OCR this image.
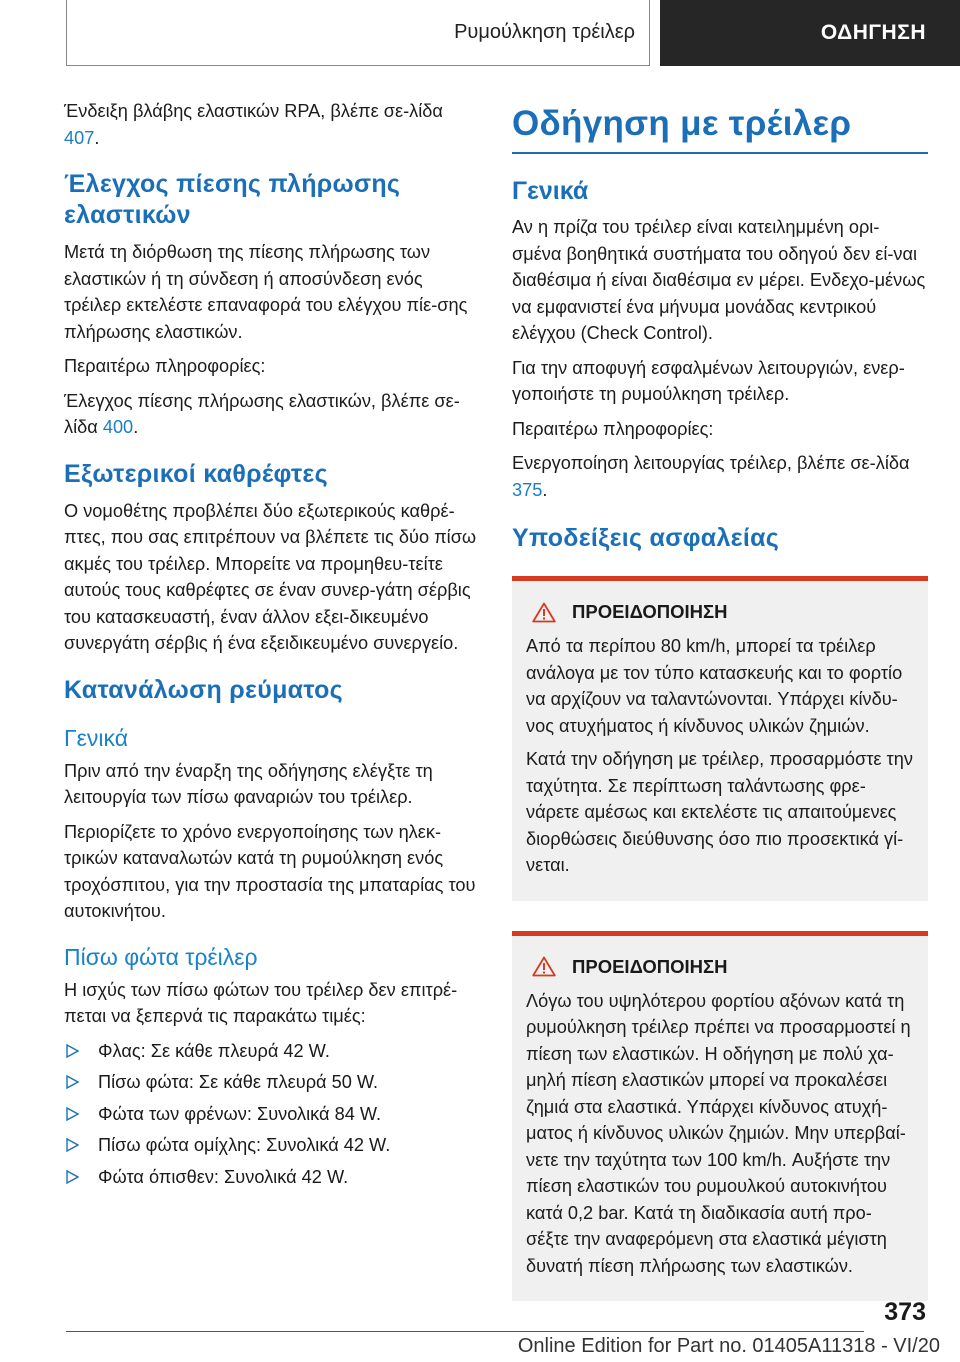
Ρυμούλκηση τρέιλερ	ΟΔΗΓΗΣΗ

Ένδειξη βλάβης ελαστικών RPA, βλέπε σε-λίδα 407.

Έλεγχος πίεσης πλήρωσης ελαστικών

Μετά τη διόρθωση της πίεσης πλήρωσης των ελαστικών ή τη σύνδεση ή αποσύνδεση ενός τρέιλερ εκτελέστε επαναφορά του ελέγχου πίε-σης πλήρωσης ελαστικών.

Περαιτέρω πληροφορίες:

Έλεγχος πίεσης πλήρωσης ελαστικών, βλέπε σε-λίδα 400.

Εξωτερικοί καθρέφτες

Ο νομοθέτης προβλέπει δύο εξωτερικούς καθρέ-πτες, που σας επιτρέπουν να βλέπετε τις δύο πίσω ακμές του τρέιλερ. Μπορείτε να προμηθευ-τείτε αυτούς τους καθρέφτες σε έναν συνερ-γάτη σέρβις του κατασκευαστή, έναν άλλον εξει-δικευμένο συνεργάτη σέρβις ή ένα εξειδικευμένο συνεργείο.

Κατανάλωση ρεύματος
Γενικά

Πριν από την έναρξη της οδήγησης ελέγξτε τη λειτουργία των πίσω φαναριών του τρέιλερ.

Περιορίζετε το χρόνο ενεργοποίησης των ηλεκ-τρικών καταναλωτών κατά τη ρυμούλκηση ενός τροχόσπιτου, για την προστασία της μπαταρίας του αυτοκινήτου.

Πίσω φώτα τρέιλερ

Η ισχύς των πίσω φώτων του τρέιλερ δεν επιτρέ-πεται να ξεπερνά τις παρακάτω τιμές:

Φλας: Σε κάθε πλευρά 42 W.
Πίσω φώτα: Σε κάθε πλευρά 50 W.
Φώτα των φρένων: Συνολικά 84 W.
Πίσω φώτα ομίχλης: Συνολικά 42 W.
Φώτα όπισθεν: Συνολικά 42 W.
Οδήγηση με τρέιλερ
Γενικά

Αν η πρίζα του τρέιλερ είναι κατειλημμένη ορι-σμένα βοηθητικά συστήματα του οδηγού δεν εί-ναι διαθέσιμα ή είναι διαθέσιμα εν μέρει. Ενδεχο-μένως να εμφανιστεί ένα μήνυμα μονάδας κεντρικού ελέγχου (Check Control).

Για την αποφυγή εσφαλμένων λειτουργιών, ενερ-γοποιήστε τη ρυμούλκηση τρέιλερ.

Περαιτέρω πληροφορίες:

Ενεργοποίηση λειτουργίας τρέιλερ, βλέπε σε-λίδα 375.

Υποδείξεις ασφαλείας
ΠΡΟΕΙΔΟΠΟΙΗΣΗ

Από τα περίπου 80 km/h, μπορεί τα τρέιλερ ανάλογα με τον τύπο κατασκευής και το φορτίο να αρχίζουν να ταλαντώνονται. Υπάρχει κίνδυ-νος ατυχήματος ή κίνδυνος υλικών ζημιών.

Κατά την οδήγηση με τρέιλερ, προσαρμόστε την ταχύτητα. Σε περίπτωση ταλάντωσης φρε-νάρετε αμέσως και εκτελέστε τις απαιτούμενες διορθώσεις διεύθυνσης όσο πιο προσεκτικά γί-νεται.

ΠΡΟΕΙΔΟΠΟΙΗΣΗ

Λόγω του υψηλότερου φορτίου αξόνων κατά τη ρυμούλκηση τρέιλερ πρέπει να προσαρμοστεί η πίεση των ελαστικών. Η οδήγηση με πολύ χα-μηλή πίεση ελαστικών μπορεί να προκαλέσει ζημιά στα ελαστικά. Υπάρχει κίνδυνος ατυχή-ματος ή κίνδυνος υλικών ζημιών. Μην υπερβαί-νετε την ταχύτητα των 100 km/h. Αυξήστε την πίεση ελαστικών του ρυμουλκού αυτοκινήτου κατά 0,2 bar. Κατά τη διαδικασία αυτή προ-σέξτε την αναφερόμενη στα ελαστικά μέγιστη δυνατή πίεση πλήρωσης των ελαστικών.

373
Online Edition for Part no. 01405A11318 - VI/20
